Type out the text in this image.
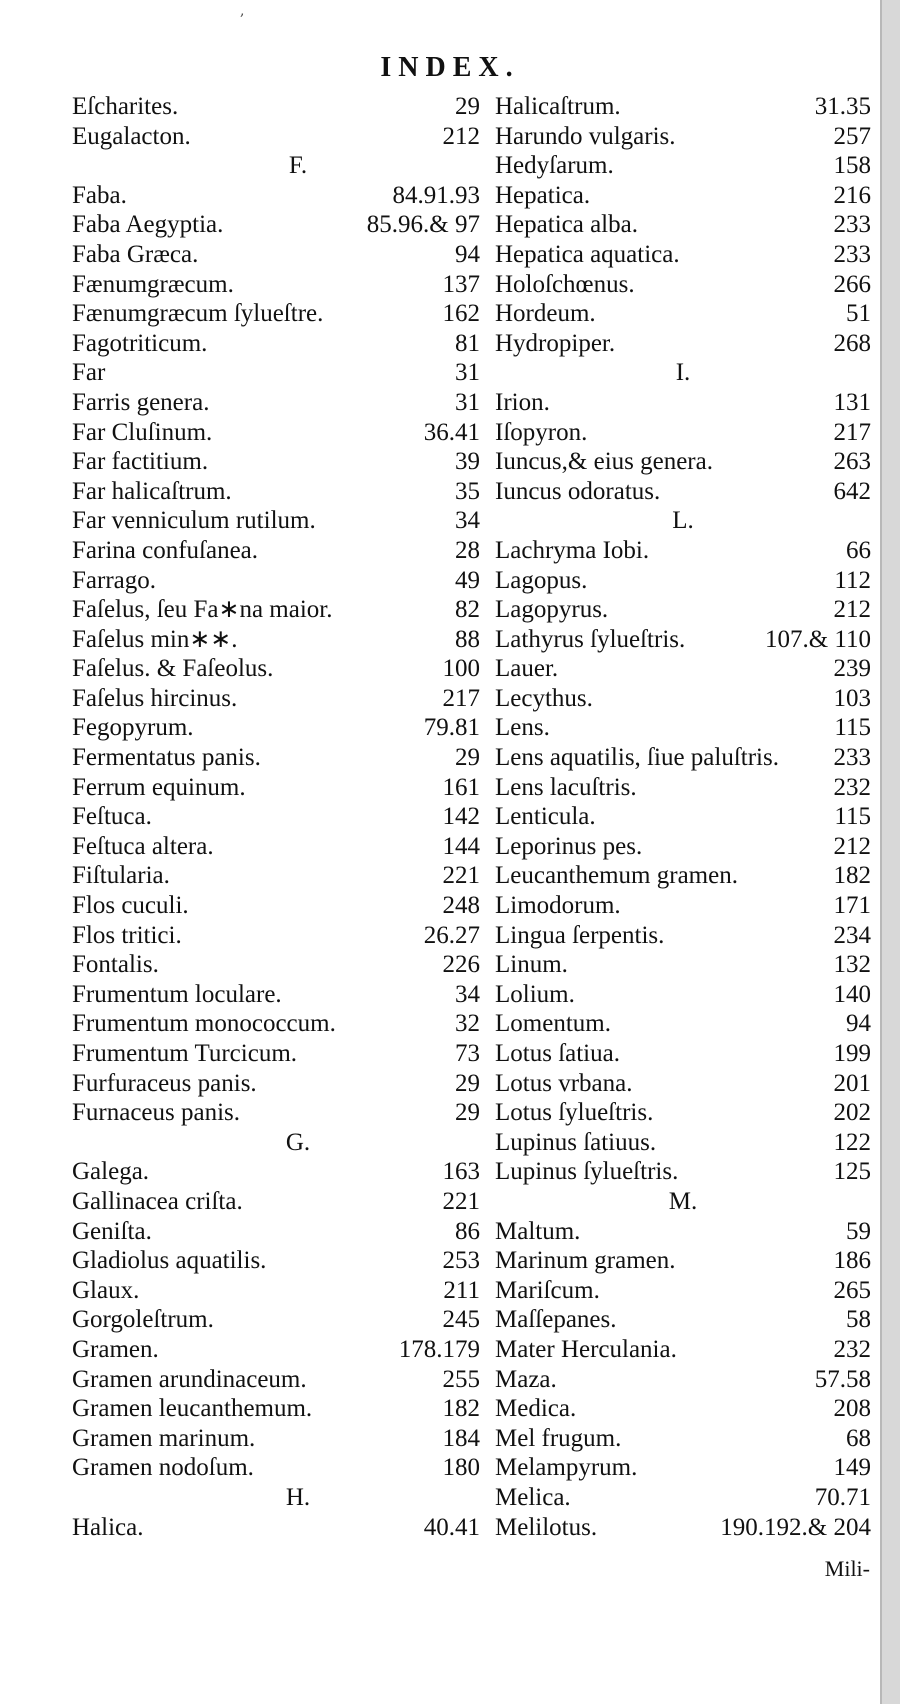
,
INDEX.
Eſcharites.	29
Eugalacton.	212
F.
Faba.	84.91.93
Faba Aegyptia.	85.96.& 97
Faba Græca.	94
Fænumgræcum.	137
Fænumgræcum ſylueſtre.	162
Fagotriticum.	81
Far	31
Farris genera.	31
Far Cluſinum.	36.41
Far factitium.	39
Far halicaſtrum.	35
Far venniculum rutilum.	34
Farina confuſanea.	28
Farrago.	49
Faſelus, ſeu Fa∗na maior.	82
Faſelus min∗∗.	88
Faſelus. & Faſeolus.	100
Faſelus hircinus.	217
Fegopyrum.	79.81
Fermentatus panis.	29
Ferrum equinum.	161
Feſtuca.	142
Feſtuca altera.	144
Fiſtularia.	221
Flos cuculi.	248
Flos tritici.	26.27
Fontalis.	226
Frumentum loculare.	34
Frumentum monococcum.	32
Frumentum Turcicum.	73
Furfuraceus panis.	29
Furnaceus panis.	29
G.
Galega.	163
Gallinacea criſta.	221
Geniſta.	86
Gladiolus aquatilis.	253
Glaux.	211
Gorgoleſtrum.	245
Gramen.	178.179
Gramen arundinaceum.	255
Gramen leucanthemum.	182
Gramen marinum.	184
Gramen nodoſum.	180
H.
Halica.	40.41
Halicaſtrum.	31.35
Harundo vulgaris.	257
Hedyſarum.	158
Hepatica.	216
Hepatica alba.	233
Hepatica aquatica.	233
Holoſchœnus.	266
Hordeum.	51
Hydropiper.	268
I.
Irion.	131
Iſopyron.	217
Iuncus,& eius genera.	263
Iuncus odoratus.	642
L.
Lachryma Iobi.	66
Lagopus.	112
Lagopyrus.	212
Lathyrus ſylueſtris.	107.& 110
Lauer.	239
Lecythus.	103
Lens.	115
Lens aquatilis, ſiue paluſtris. 233
Lens lacuſtris.	232
Lenticula.	115
Leporinus pes.	212
Leucanthemum gramen.	182
Limodorum.	171
Lingua ſerpentis.	234
Linum.	132
Lolium.	140
Lomentum.	94
Lotus ſatiua.	199
Lotus vrbana.	201
Lotus ſylueſtris.	202
Lupinus ſatiuus.	122
Lupinus ſylueſtris.	125
M.
Maltum.	59
Marinum gramen.	186
Mariſcum.	265
Maſſepanes.	58
Mater Herculania.	232
Maza.	57.58
Medica.	208
Mel frugum.	68
Melampyrum.	149
Melica.	70.71
Melilotus.	190.192.& 204
Mili-
